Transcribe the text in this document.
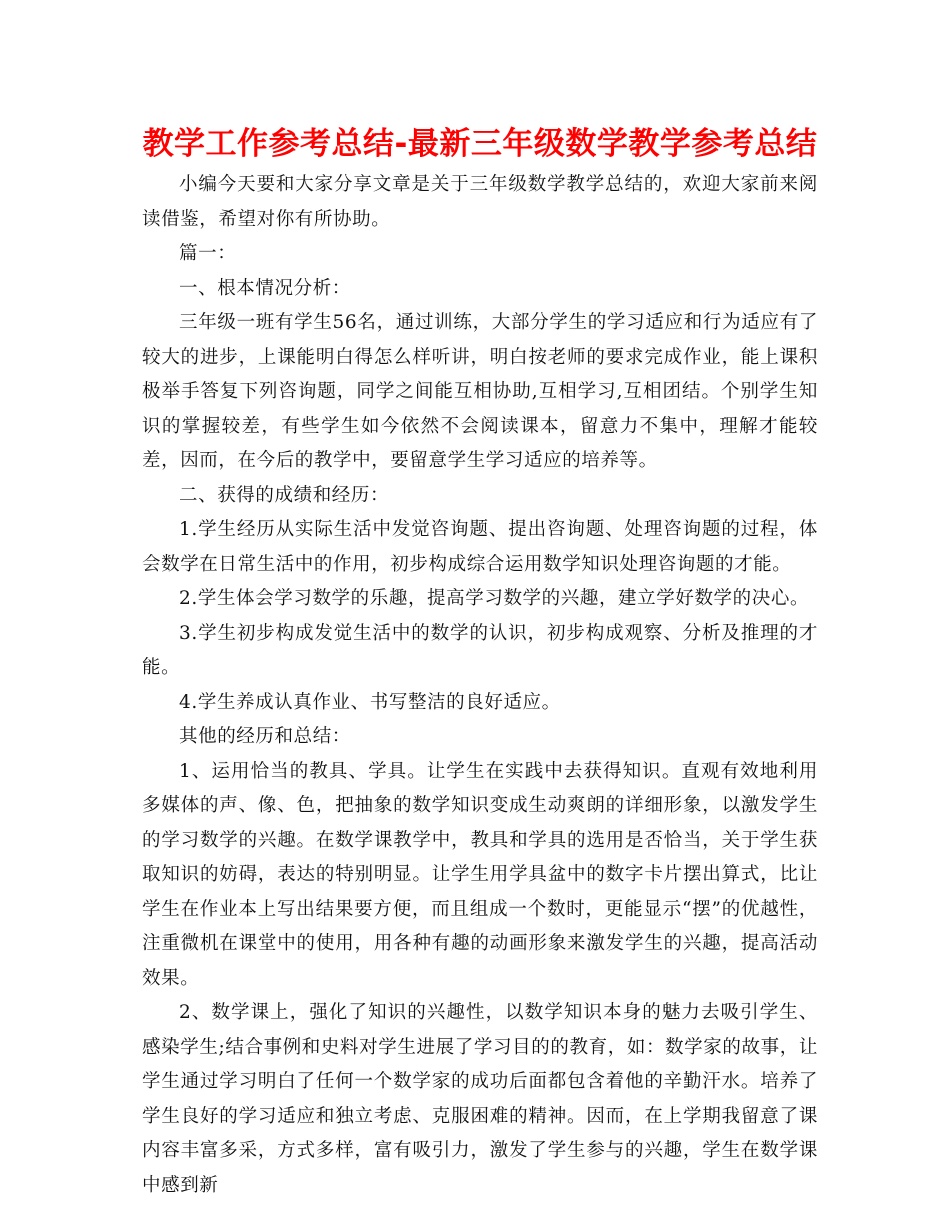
教学工作参考总结-最新三年级数学教学参考总结

小编今天要和大家分享文章是关于三年级数学教学总结的，欢迎大家前来阅读借鉴，希望对你有所协助。

篇一：

一、根本情况分析：

三年级一班有学生56名，通过训练，大部分学生的学习适应和行为适应有了较大的进步，上课能明白得怎么样听讲，明白按老师的要求完成作业，能上课积极举手答复下列咨询题，同学之间能互相协助,互相学习,互相团结。个别学生知识的掌握较差，有些学生如今依然不会阅读课本，留意力不集中，理解才能较差，因而，在今后的教学中，要留意学生学习适应的培养等。

二、获得的成绩和经历：

1.学生经历从实际生活中发觉咨询题、提出咨询题、处理咨询题的过程，体会数学在日常生活中的作用，初步构成综合运用数学知识处理咨询题的才能。

2.学生体会学习数学的乐趣，提高学习数学的兴趣，建立学好数学的决心。

3.学生初步构成发觉生活中的数学的认识，初步构成观察、分析及推理的才能。

4.学生养成认真作业、书写整洁的良好适应。

其他的经历和总结：

1、运用恰当的教具、学具。让学生在实践中去获得知识。直观有效地利用多媒体的声、像、色，把抽象的数学知识变成生动爽朗的详细形象，以激发学生的学习数学的兴趣。在数学课教学中，教具和学具的选用是否恰当，关于学生获取知识的妨碍，表达的特别明显。让学生用学具盆中的数字卡片摆出算式，比让学生在作业本上写出结果要方便，而且组成一个数时，更能显示“摆”的优越性，注重微机在课堂中的使用，用各种有趣的动画形象来激发学生的兴趣，提高活动效果。

2、数学课上，强化了知识的兴趣性，以数学知识本身的魅力去吸引学生、感染学生;结合事例和史料对学生进展了学习目的的教育，如：数学家的故事，让学生通过学习明白了任何一个数学家的成功后面都包含着他的辛勤汗水。培养了学生良好的学习适应和独立考虑、克服困难的精神。因而，在上学期我留意了课内容丰富多采，方式多样，富有吸引力，激发了学生参与的兴趣，学生在数学课中感到新
